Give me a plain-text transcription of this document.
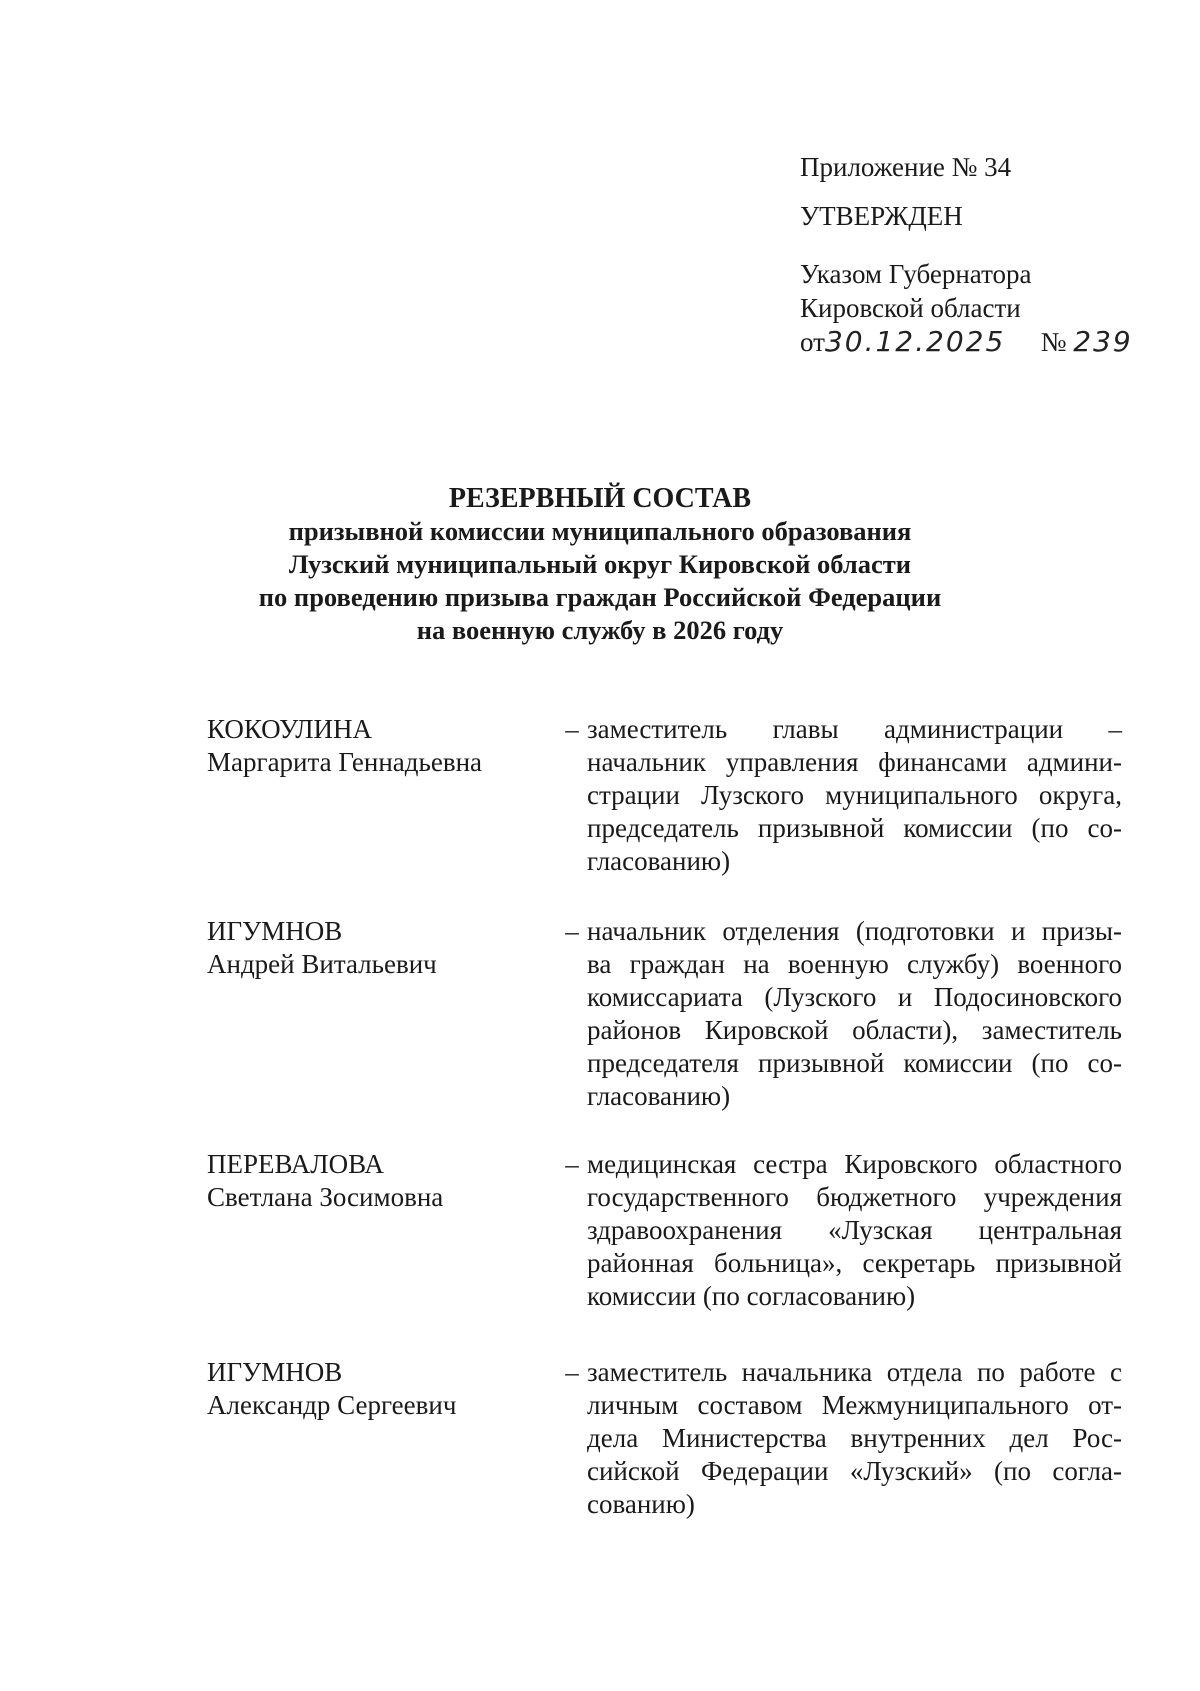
Приложение № 34
УТВЕРЖДЕН
Указом Губернатора
Кировской области
от30.12.2025 № 239
РЕЗЕРВНЫЙ СОСТАВ
призывной комиссии муниципального образования
Лузский муниципальный округ Кировской области
по проведению призыва граждан Российской Федерации
на военную службу в 2026 году
КОКОУЛИНА
Маргарита Геннадьевна
– заместитель главы администрации –
начальник управления финансами админи-
страции Лузского муниципального округа,
председатель призывной комиссии (по со-
гласованию)
ИГУМНОВ
Андрей Витальевич
– начальник отделения (подготовки и призы-
ва граждан на военную службу) военного
комиссариата (Лузского и Подосиновского
районов Кировской области), заместитель
председателя призывной комиссии (по со-
гласованию)
ПЕРЕВАЛОВА
Светлана Зосимовна
– медицинская сестра Кировского областного
государственного бюджетного учреждения
здравоохранения «Лузская центральная
районная больница», секретарь призывной
комиссии (по согласованию)
ИГУМНОВ
Александр Сергеевич
– заместитель начальника отдела по работе с
личным составом Межмуниципального от-
дела Министерства внутренних дел Рос-
сийской Федерации «Лузский» (по согла-
сованию)
